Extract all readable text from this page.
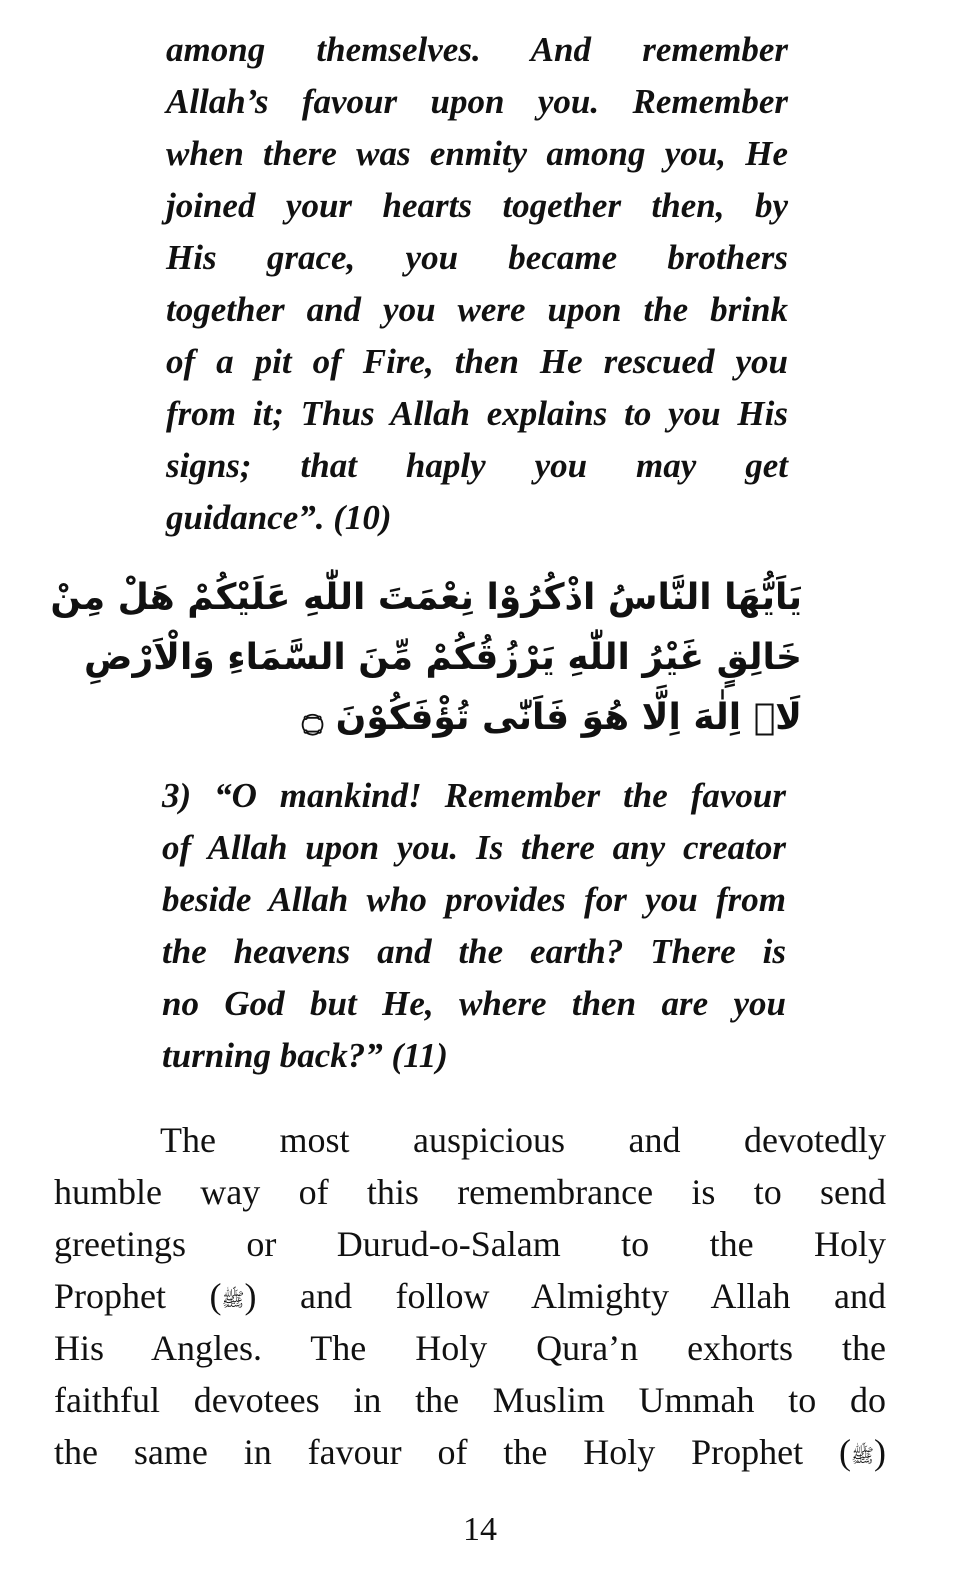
among themselves. And remember
Allah’s favour upon you. Remember
when there was enmity among you, He
joined your hearts together then, by
His grace, you became brothers
together and you were upon the brink
of a pit of Fire, then He rescued you
from it; Thus Allah explains to you His
signs; that haply you may get
guidance”. (10)
يَاَيُّهَا النَّاسُ اذْكُرُوْا نِعْمَتَ اللّٰهِ عَلَيْكُمْ هَلْ مِنْ
خَالِقٍ غَيْرُ اللّٰهِ يَرْزُقُكُمْ مِّنَ السَّمَاءِ وَالْاَرْضِ
لَاۤ اِلٰهَ اِلَّا هُوَ فَاَنّٰى تُؤْفَكُوْنَ ۝
3) “O mankind! Remember the favour
of Allah upon you. Is there any creator
beside Allah who provides for you from
the heavens and the earth? There is
no God but He, where then are you
turning back?” (11)
The most auspicious and devotedly
humble way of this remembrance is to send
greetings or Durud-o-Salam to the Holy
Prophet (ﷺ) and follow Almighty Allah and
His Angles. The Holy Qura’n exhorts the
faithful devotees in the Muslim Ummah to do
the same in favour of the Holy Prophet (ﷺ)
14
